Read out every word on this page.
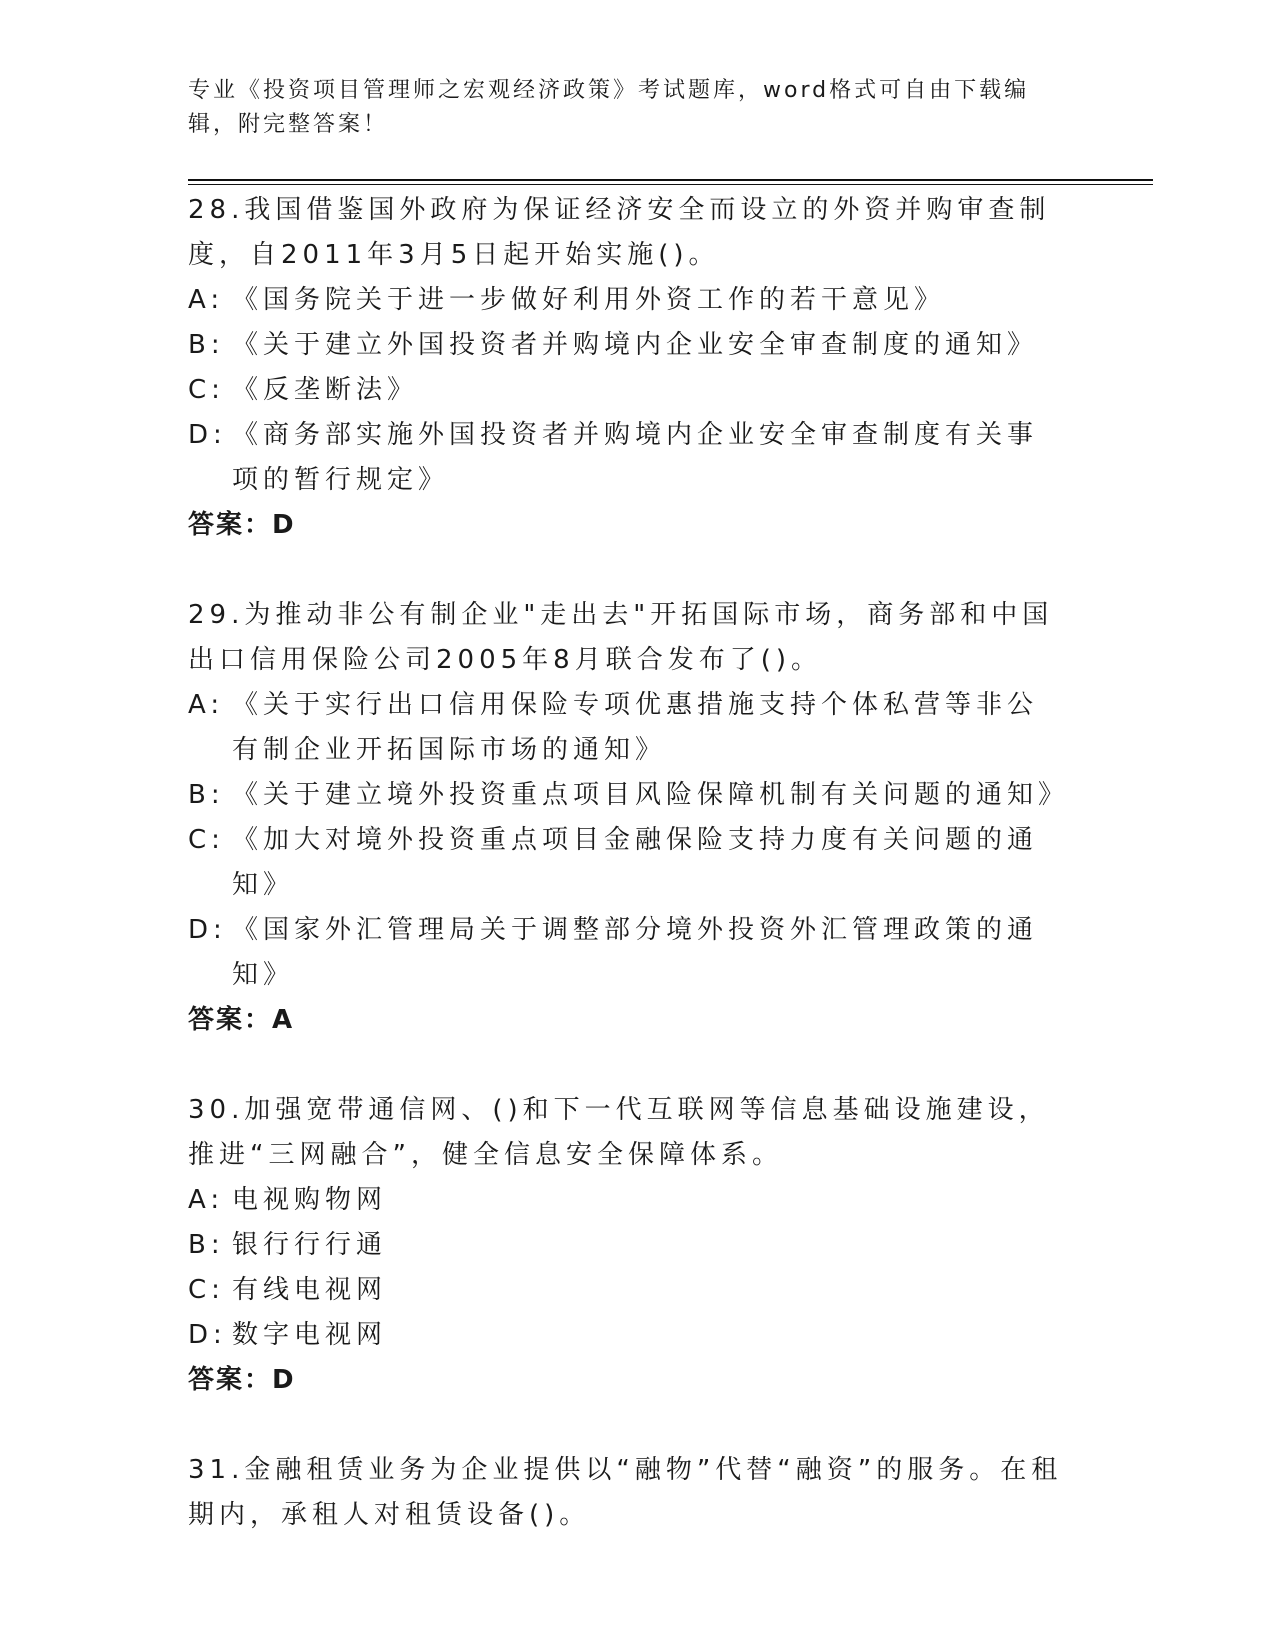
专业《投资项目管理师之宏观经济政策》考试题库，word格式可自由下载编辑，附完整答案！

28.我国借鉴国外政府为保证经济安全而设立的外资并购审查制度，自2011年3月5日起开始实施()。

A: 《国务院关于进一步做好利用外资工作的若干意见》
B: 《关于建立外国投资者并购境内企业安全审查制度的通知》
C: 《反垄断法》
D: 《商务部实施外国投资者并购境内企业安全审查制度有关事项的暂行规定》

答案：D

29.为推动非公有制企业"走出去"开拓国际市场，商务部和中国出口信用保险公司2005年8月联合发布了()。

A: 《关于实行出口信用保险专项优惠措施支持个体私营等非公有制企业开拓国际市场的通知》
B: 《关于建立境外投资重点项目风险保障机制有关问题的通知》
C: 《加大对境外投资重点项目金融保险支持力度有关问题的通知》
D: 《国家外汇管理局关于调整部分境外投资外汇管理政策的通知》

答案：A

30.加强宽带通信网、()和下一代互联网等信息基础设施建设，推进“三网融合”，健全信息安全保障体系。

A: 电视购物网
B: 银行行行通
C: 有线电视网
D: 数字电视网

答案：D

31.金融租赁业务为企业提供以“融物”代替“融资”的服务。在租期内，承租人对租赁设备()。
